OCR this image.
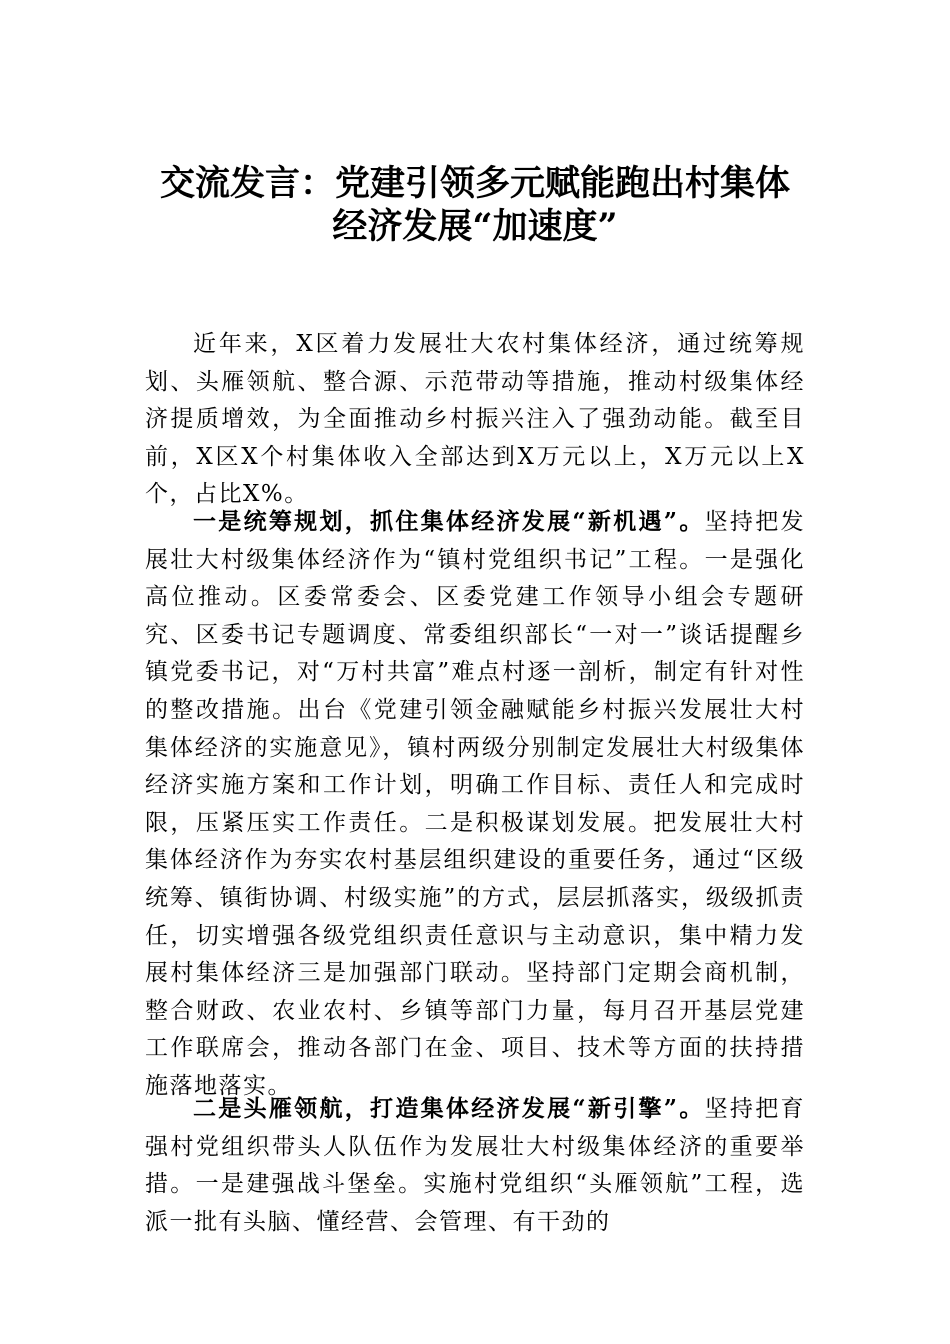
交流发言：党建引领多元赋能跑出村集体
经济发展“加速度”
近年来，X区着力发展壮大农村集体经济，通过统筹规划、头雁领航、整合源、示范带动等措施，推动村级集体经济提质增效，为全面推动乡村振兴注入了强劲动能。截至目前，X区X个村集体收入全部达到X万元以上，X万元以上X个，占比X%。
一是统筹规划，抓住集体经济发展“新机遇”。坚持把发展壮大村级集体经济作为“镇村党组织书记”工程。一是强化高位推动。区委常委会、区委党建工作领导小组会专题研究、区委书记专题调度、常委组织部长“一对一”谈话提醒乡镇党委书记，对“万村共富”难点村逐一剖析，制定有针对性的整改措施。出台《党建引领金融赋能乡村振兴发展壮大村集体经济的实施意见》，镇村两级分别制定发展壮大村级集体经济实施方案和工作计划，明确工作目标、责任人和完成时限，压紧压实工作责任。二是积极谋划发展。把发展壮大村集体经济作为夯实农村基层组织建设的重要任务，通过“区级统筹、镇街协调、村级实施”的方式，层层抓落实，级级抓责任，切实增强各级党组织责任意识与主动意识，集中精力发展村集体经济三是加强部门联动。坚持部门定期会商机制，整合财政、农业农村、乡镇等部门力量，每月召开基层党建工作联席会，推动各部门在金、项目、技术等方面的扶持措施落地落实。
二是头雁领航，打造集体经济发展“新引擎”。坚持把育强村党组织带头人队伍作为发展壮大村级集体经济的重要举措。一是建强战斗堡垒。实施村党组织“头雁领航”工程，选派一批有头脑、懂经营、会管理、有干劲的
